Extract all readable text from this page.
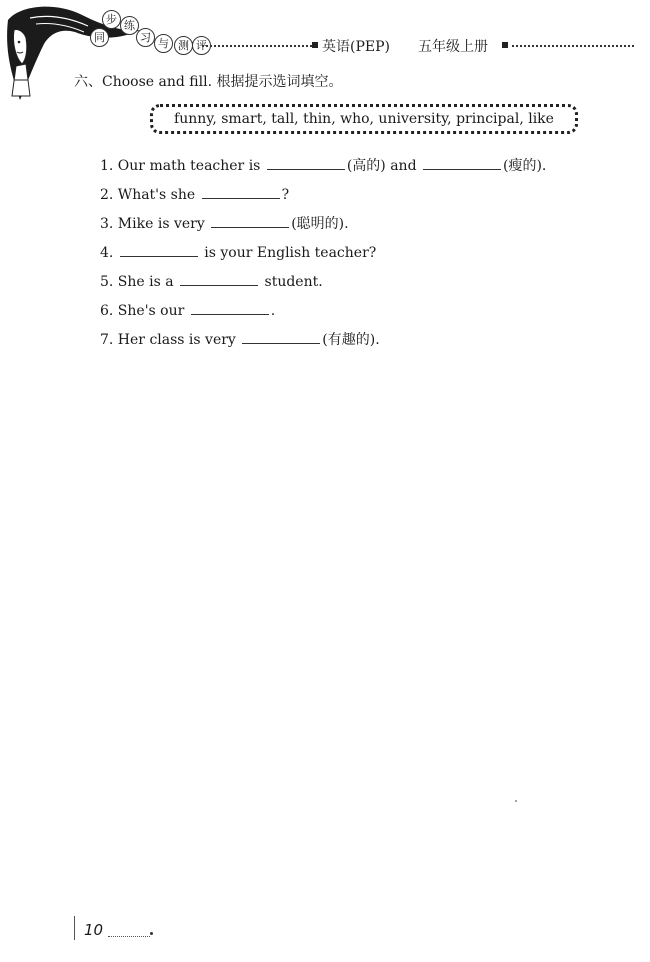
同
步 练
习 与 测 评	英语(PEP) 五年级上册
六、Choose and fill. 根据提示选词填空。
funny, smart, tall, thin, who, university, principal, like
1. Our math teacher is	(高的) and	(瘦的).
2. What's she	?
3. Mike is very	(聪明的).
4.	is your English teacher?
5. She is a	student.
6. She's our	.
7. Her class is very	(有趣的).
10
